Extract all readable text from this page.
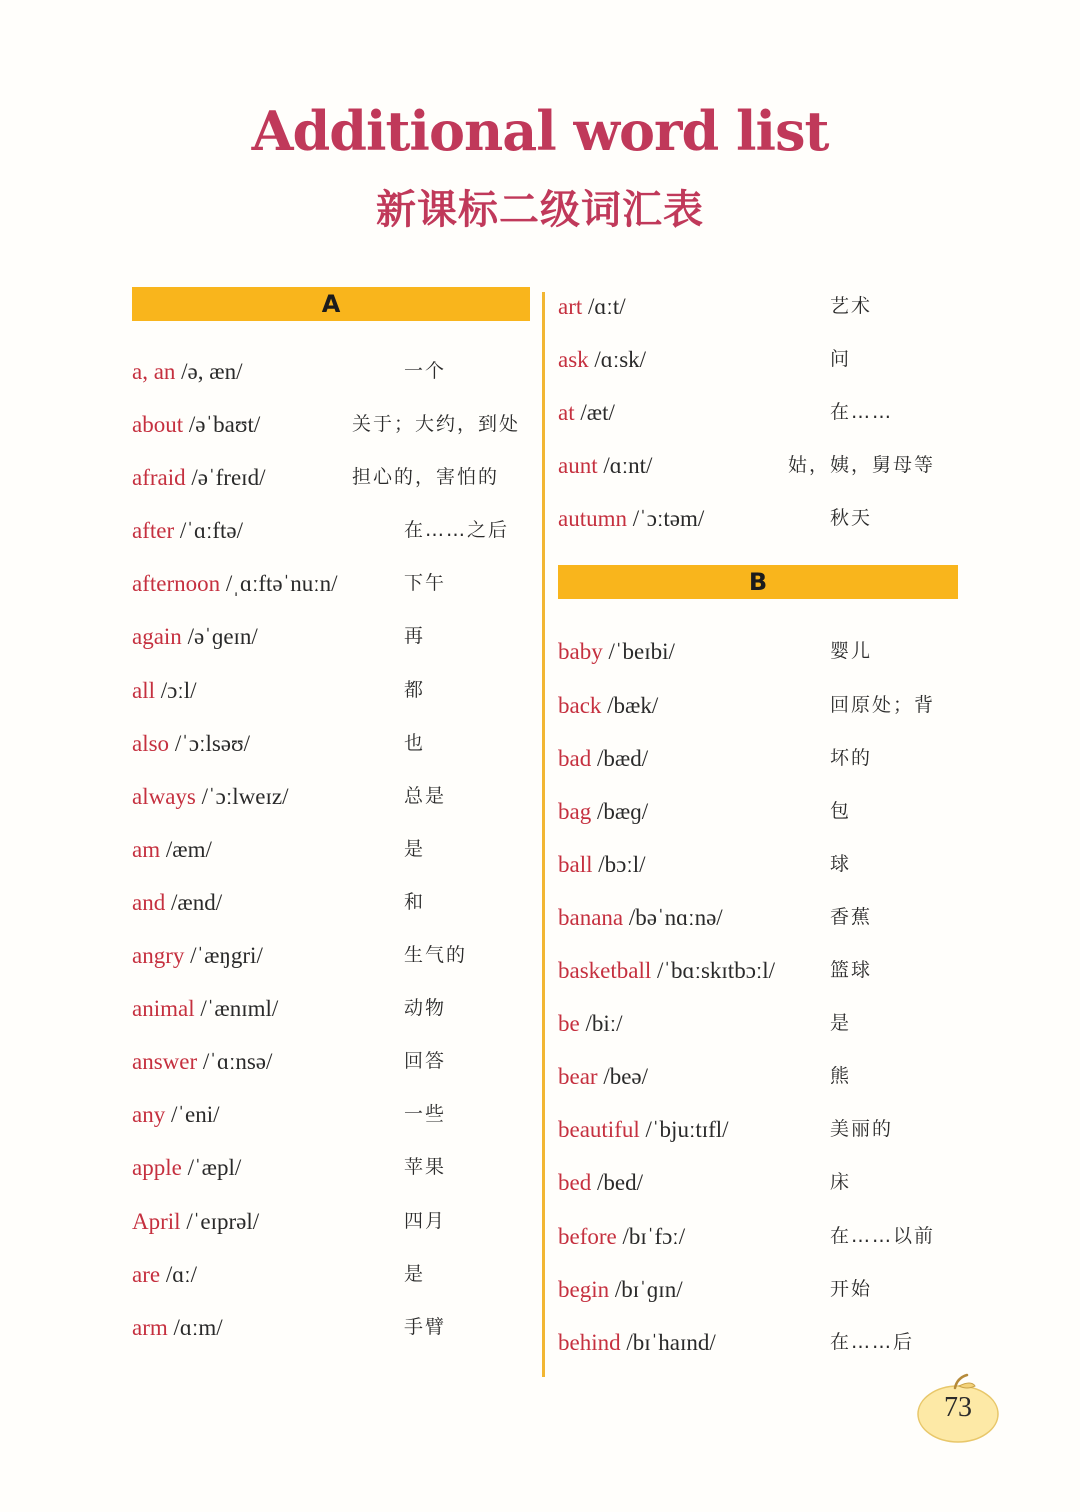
Additional word list
新课标二级词汇表
A
a, an /ə, æn/	一个
about /əˈbaʊt/	关于；大约，到处
afraid /əˈfreɪd/	担心的，害怕的
after /ˈɑːftə/	在……之后
afternoon /ˌɑːftəˈnuːn/	下午
again /əˈɡeɪn/	再
all /ɔːl/	都
also /ˈɔːlsəʊ/	也
always /ˈɔːlweɪz/	总是
am /æm/	是
and /ænd/	和
angry /ˈæŋgri/	生气的
animal /ˈænɪml/	动物
answer /ˈɑːnsə/	回答
any /ˈeni/	一些
apple /ˈæpl/	苹果
April /ˈeɪprəl/	四月
are /ɑː/	是
arm /ɑːm/	手臂
art /ɑːt/	艺术
ask /ɑːsk/	问
at /æt/	在……
aunt /ɑːnt/	姑，姨，舅母等
autumn /ˈɔːtəm/	秋天
B
baby /ˈbeɪbi/	婴儿
back /bæk/	回原处；背
bad /bæd/	坏的
bag /bæɡ/	包
ball /bɔːl/	球
banana /bəˈnɑːnə/	香蕉
basketball /ˈbɑːskɪtbɔːl/	篮球
be /biː/	是
bear /beə/	熊
beautiful /ˈbjuːtɪfl/	美丽的
bed /bed/	床
before /bɪˈfɔː/	在……以前
begin /bɪˈɡɪn/	开始
behind /bɪˈhaɪnd/	在……后
73
